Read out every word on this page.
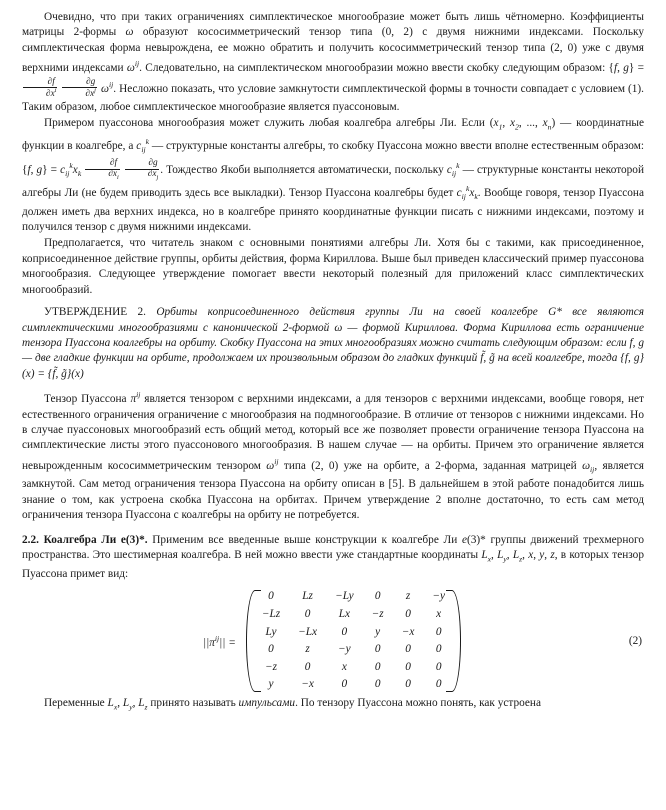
Очевидно, что при таких ограничениях симплектическое многообразие может быть лишь чётномерно. Коэффициенты матрицы 2-формы ω образуют кососимметрический тензор типа (0, 2) с двумя нижними индексами. Поскольку симплектическая форма невырождена, ее можно обратить и получить кососимметрический тензор типа (2, 0) уже с двумя верхними индексами $\omega^{ij}$. Следовательно, на симплектическом многообразии можно ввести скобку следующим образом: {f, g} =
$\frac{\partial f}{\partial x^i}$
$\frac{\partial g}{\partial x^j} \omega^{ij}$. Несложно показать, что условие замкнутости симплектической формы в точности совпадает с условием (1). Таким образом, любое симплектическое многообразие является пуассоновым.

Примером пуассонова многообразия может служить любая коалгебра алгебры Ли. Если ($x_1$, $x_2$, ..., $x_n$) — координатные функции в коалгебре, а $c_{ij}^k$ — структурные константы алгебры, то скобку Пуассона можно ввести вполне естественным образом: {f, $g\} = c_{ij}^kx_k \frac{\partial f}{\partial x_i}$
$\frac{\partial g}{\partial x_j}$ . Тождество Якоби выполняется автоматически, поскольку $c_{ij}^k$ — структурные константы некоторой алгебры Ли (не будем приводить здесь все выкладки). Тензор Пуассона коалгебры будет $c_{ij}^kx_k$. Вообще говоря, тензор Пуассона должен иметь два верхних индекса, но в коалгебре принято координатные функции писать с нижними индексами, поэтому и получился тензор с двумя нижними индексами.

Предполагается, что читатель знаком с основными понятиями алгебры Ли. Хотя бы с такими, как присоединенное, коприсоединенное действие группы, орбиты действия, форма Кириллова. Выше был приведен классический пример пуассонова многообразия. Следующее утверждение помогает ввести некоторый полезный для приложений класс симплектических многообразий.

УТВЕРЖДЕНИЕ 2. Орбиты коприсоединенного действия группы Ли на своей коалгебре G* все являются симплектическими многообразиями с канонической 2-формой ω — формой Кириллова. Форма Кириллова есть ограничение тензора Пуассона коалгебры на орбиту. Скобку Пуассона на этих многообразиях можно считать следующим образом: если f, g — две гладкие функции на орбите, продолжаем их произвольным образом до гладких функций f̃, g̃ на всей коалгебре, тогда {f, g}(x) = {f̃, g̃}(x)

Тензор Пуассона $\pi^{ij}$ является тензором с верхними индексами, а для тензоров с верхними индексами, вообще говоря, нет естественного ограничения ограничение с многообразия на подмногообразие. В отличие от тензоров с нижними индексами. Но в случае пуассоновых многообразий есть общий метод, который все же позволяет провести ограничение тензора Пуассона на симплектические листы этого пуассонового многообразия. В нашем случае — на орбиты. Причем это ограничение является невырожденным кососимметрическим тензором $\omega^{ij}$ типа (2, 0) уже на орбите, а 2-форма, заданная матрицей $\omega_{ij}$, является замкнутой. Сам метод ограничения тензора Пуассона на орбиту описан в [5]. В дальнейшем в этой работе понадобится лишь знание о том, как устроена скобка Пуассона на орбитах. Причем утверждение 2 вполне достаточно, то есть сам метод ограничения тензора Пуассона с коалгебры на орбиту не потребуется.

2.2. Коалгебра Ли e(3)*. Применим все введенные выше конструкции к коалгебре Ли e(3)* группы движений трехмерного пространства. Это шестимерная коалгебра. В ней можно ввести уже стандартные координаты $L_x$, $L_y$, $L_z$, x, y, z, в которых тензор Пуассона примет вид:

$||\pi^{ij}||$ =
0	Lz	−Ly	0	z	−y
−Lz	0	Lx	−z	0	x
Ly	−Lx	0	y	−x	0
0	z	−y	0	0	0
−z	0	x	0	0	0
y	−x	0	0	0	0
(2)

Переменные $L_x$, $L_y$, $L_z$ принято называть импульсами. По тензору Пуассона можно понять, как устроена
